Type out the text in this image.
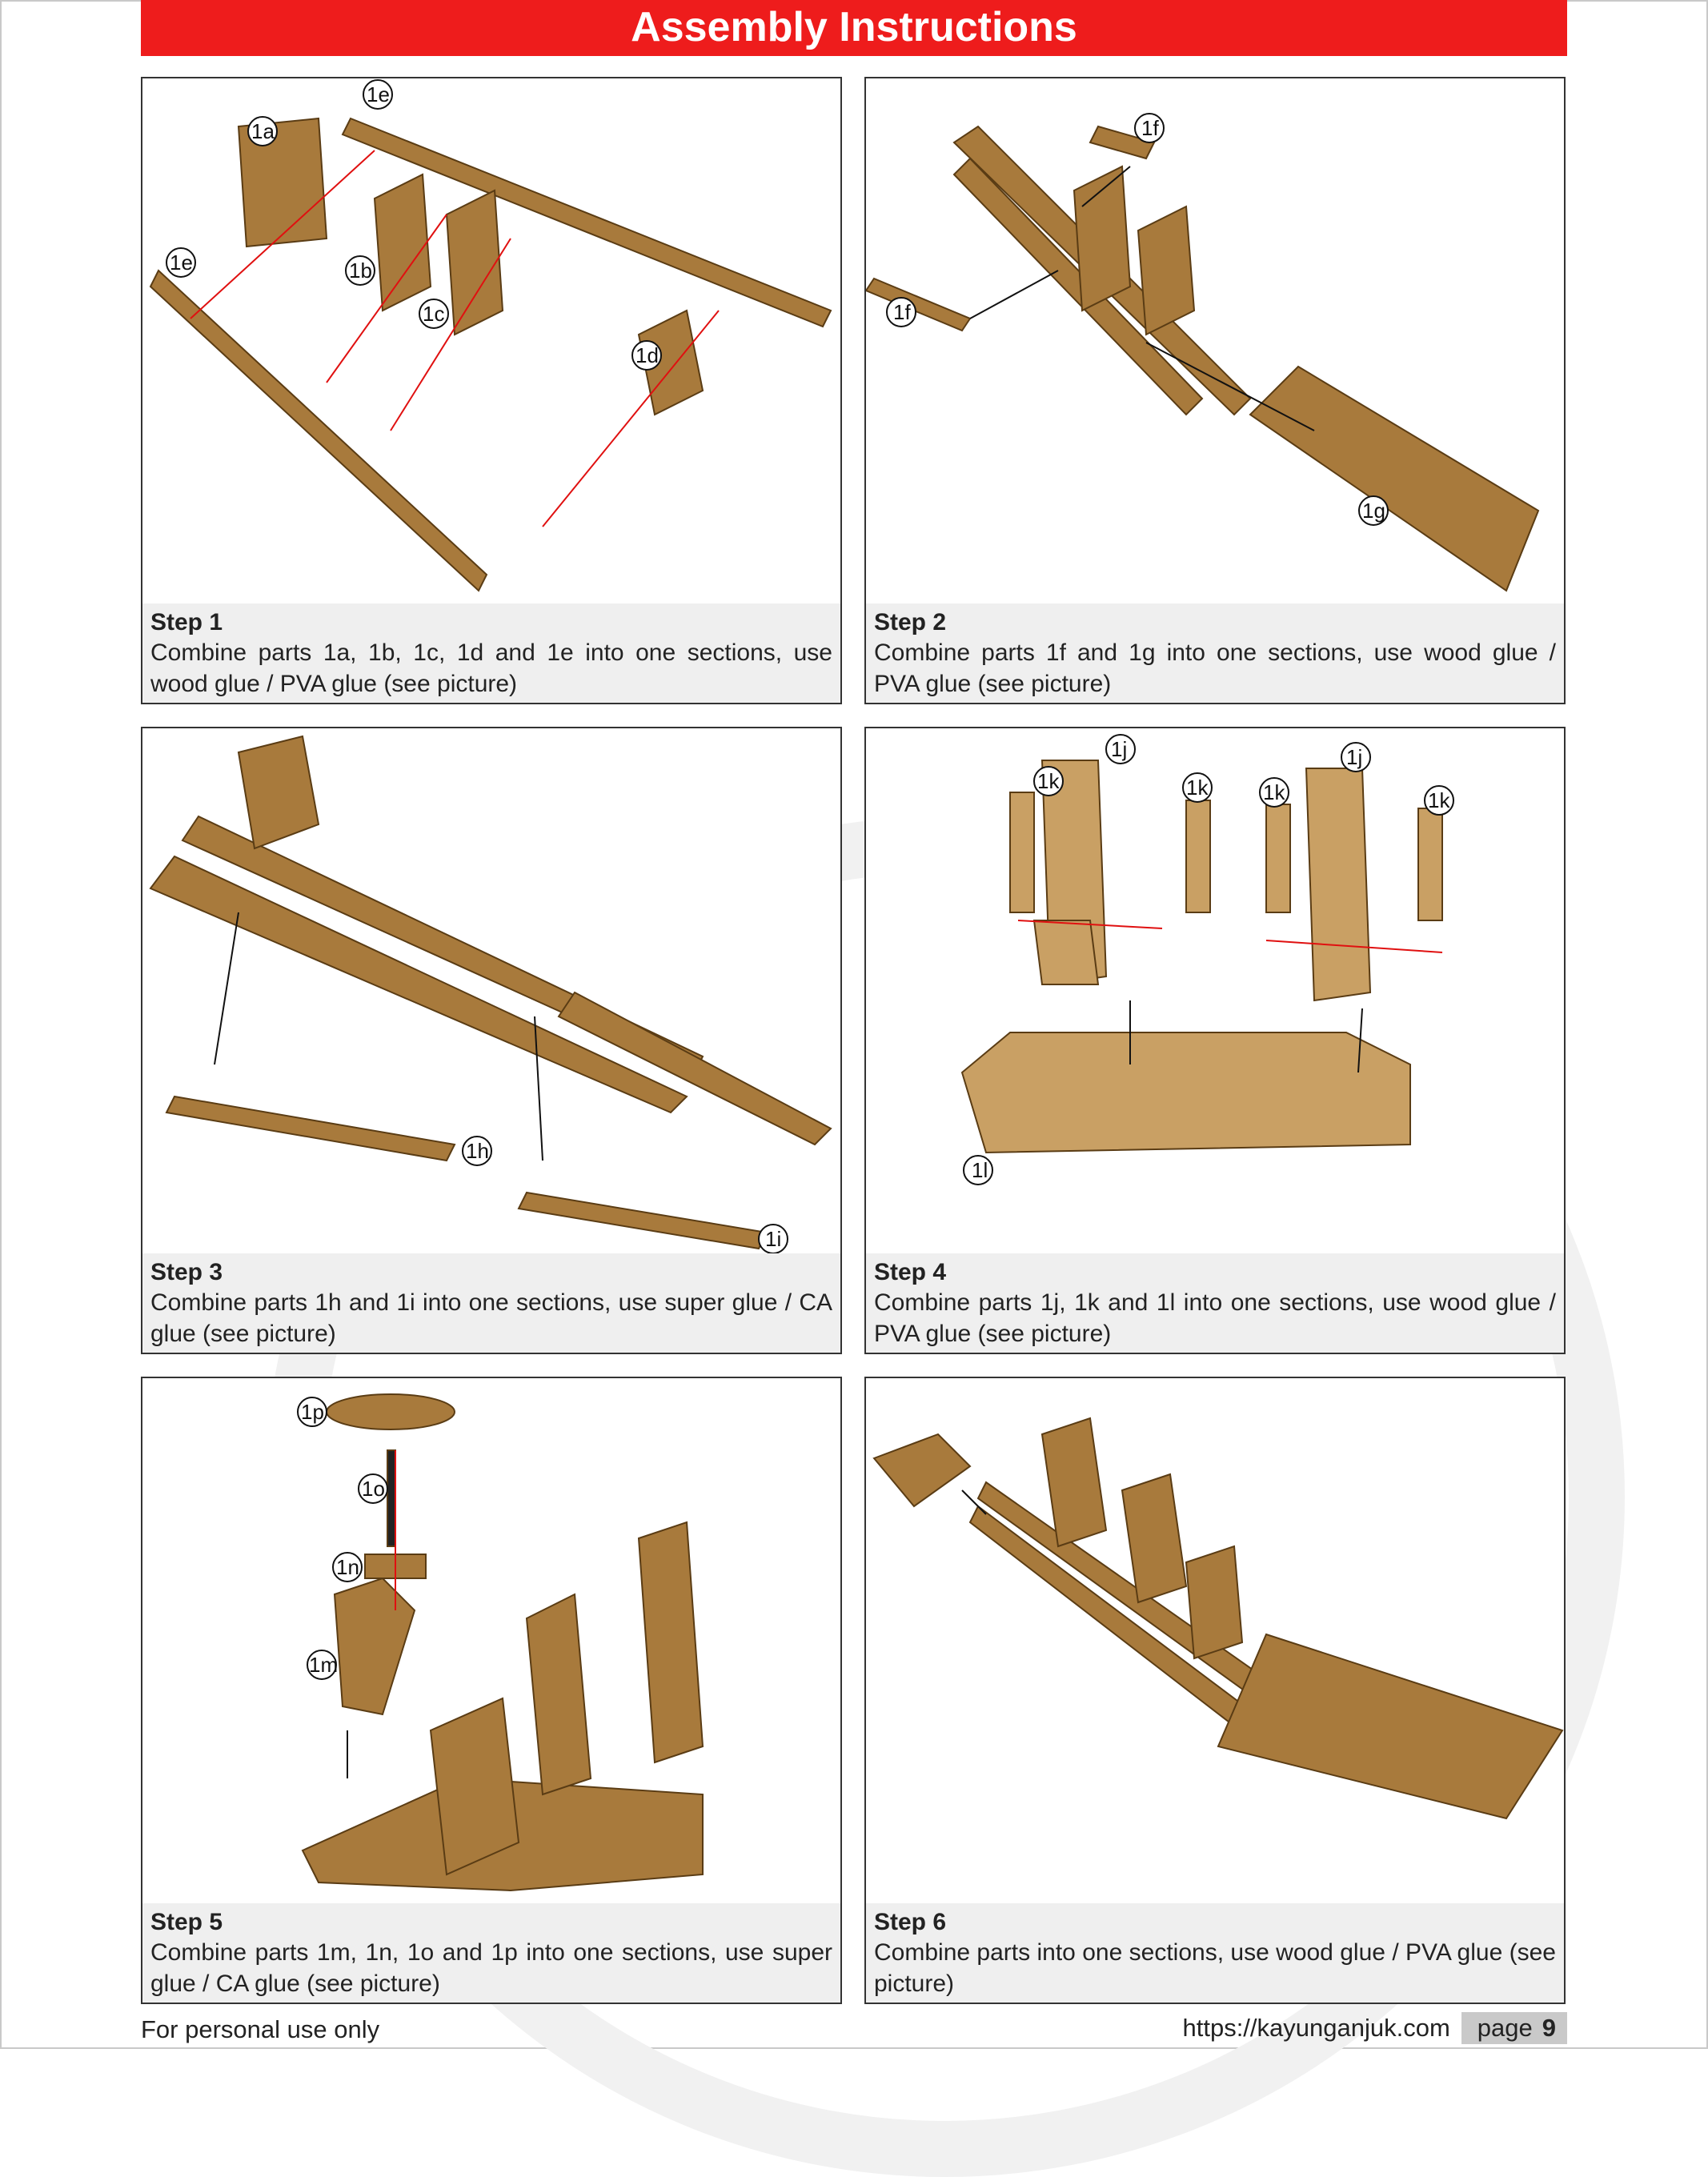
Assembly Instructions
1a
1e
1e	1b
1c
1d
Step 1
Combine parts 1a, 1b, 1c, 1d and 1e into one sections, use wood glue / PVA glue (see picture)
1f
1f
1g
Step 2
Combine parts 1f and 1g into one sections, use wood glue / PVA glue (see picture)
1h
1i
Step 3
Combine parts 1h and 1i into one sections, use super glue / CA glue (see picture)
1j	1j
1k	1k	1k	1k
1l
Step 4
Combine parts 1j, 1k and 1l into one sections, use wood glue / PVA glue (see picture)
1p
1o
1n
1m
Step 5
Combine parts 1m, 1n, 1o and 1p into one sections, use super glue / CA glue (see picture)
Step 6
Combine parts into one sections, use wood glue / PVA glue (see picture)
For personal use only	https://kayunganjuk.com page 9
